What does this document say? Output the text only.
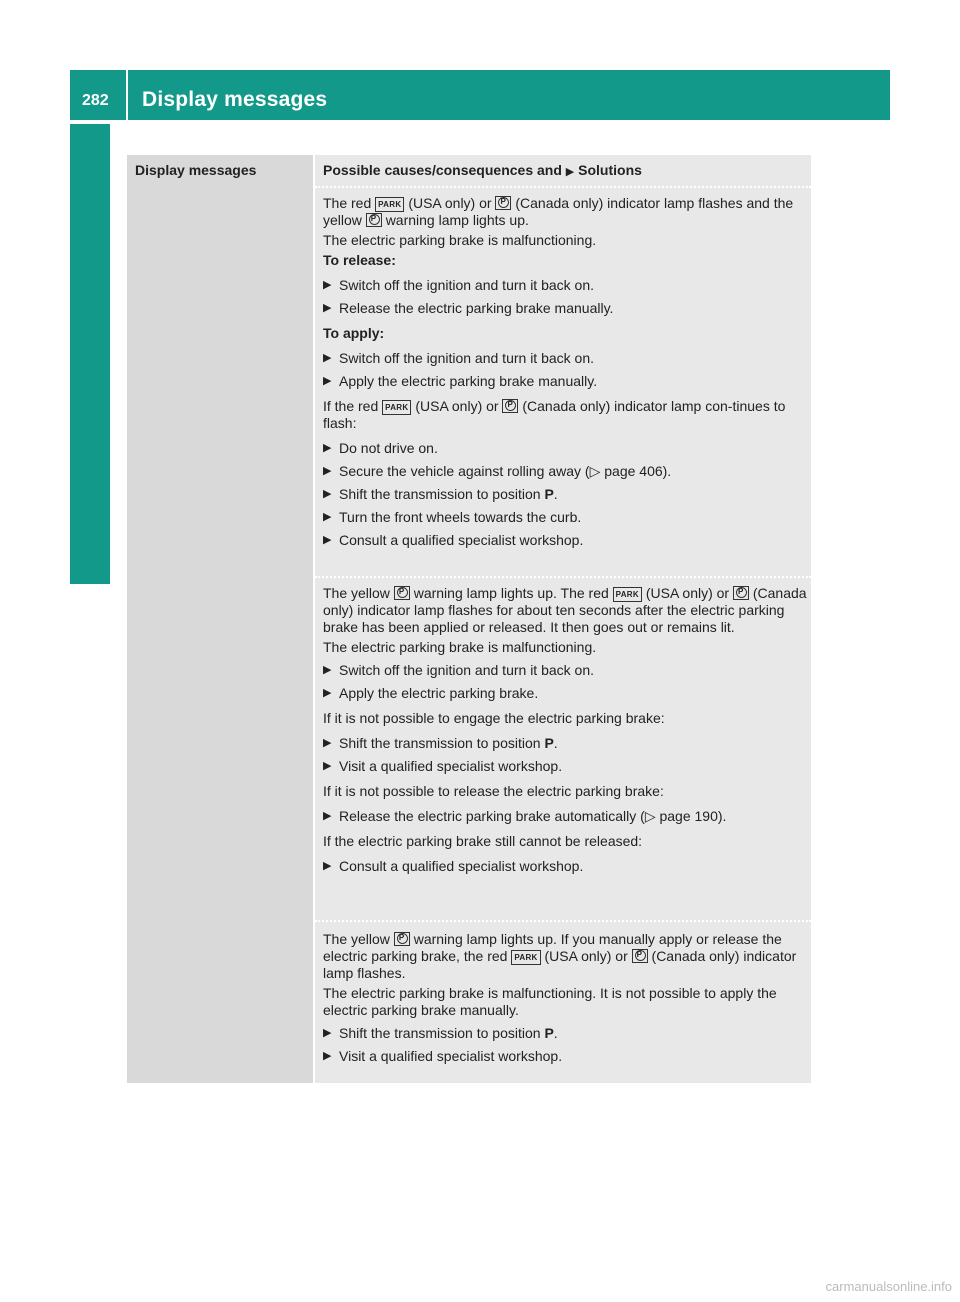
282	Display messages
Display messages	Possible causes/consequences and ▶ Solutions

The red PARK (USA only) or P (Canada only) indicator lamp flashes and the yellow P warning lamp lights up.

The electric parking brake is malfunctioning.

To release:

▶ Switch off the ignition and turn it back on.
▶ Release the electric parking brake manually.

To apply:

▶ Switch off the ignition and turn it back on.
▶ Apply the electric parking brake manually.

If the red PARK (USA only) or P (Canada only) indicator lamp con-tinues to flash:

▶ Do not drive on.
▶ Secure the vehicle against rolling away (▷ page 406).
▶ Shift the transmission to position P.
▶ Turn the front wheels towards the curb.
▶ Consult a qualified specialist workshop.

The yellow P warning lamp lights up. The red PARK (USA only) or P (Canada only) indicator lamp flashes for about ten seconds after the electric parking brake has been applied or released. It then goes out or remains lit.

The electric parking brake is malfunctioning.

▶ Switch off the ignition and turn it back on.
▶ Apply the electric parking brake.

If it is not possible to engage the electric parking brake:

▶ Shift the transmission to position P.
▶ Visit a qualified specialist workshop.

If it is not possible to release the electric parking brake:

▶ Release the electric parking brake automatically (▷ page 190).

If the electric parking brake still cannot be released:

▶ Consult a qualified specialist workshop.

The yellow P warning lamp lights up. If you manually apply or release the electric parking brake, the red PARK (USA only) or P (Canada only) indicator lamp flashes.

The electric parking brake is malfunctioning. It is not possible to apply the electric parking brake manually.

▶ Shift the transmission to position P.
▶ Visit a qualified specialist workshop.
carmanualsonline.info
